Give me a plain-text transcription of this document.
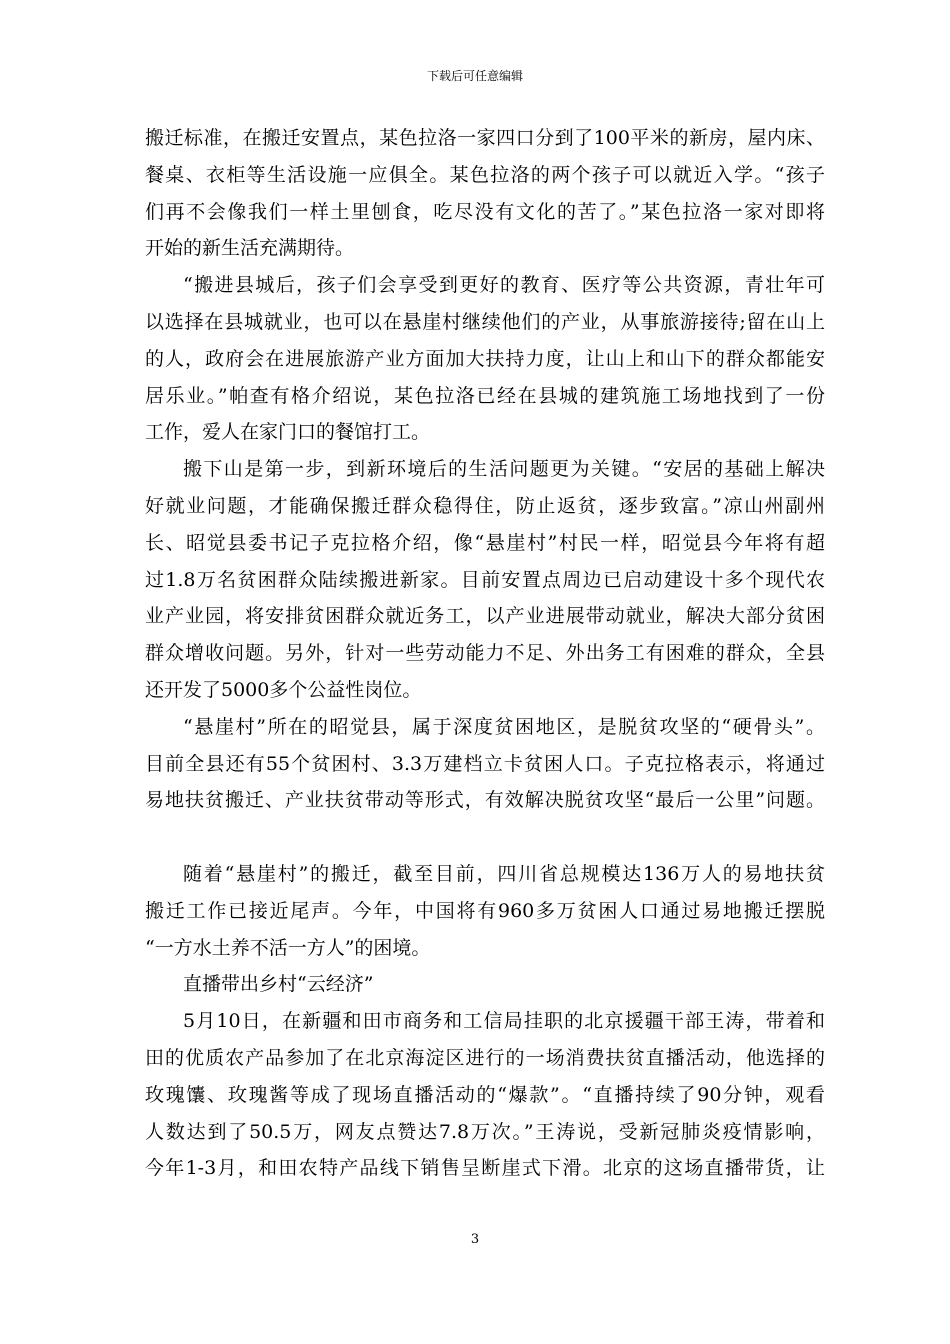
下载后可任意编辑
搬迁标准，在搬迁安置点，某色拉洛一家四口分到了100平米的新房，屋内床、
餐桌、衣柜等生活设施一应俱全。某色拉洛的两个孩子可以就近入学。“孩子
们再不会像我们一样土里刨食，吃尽没有文化的苦了。”某色拉洛一家对即将
开始的新生活充满期待。
“搬进县城后，孩子们会享受到更好的教育、医疗等公共资源，青壮年可
以选择在县城就业，也可以在悬崖村继续他们的产业，从事旅游接待;留在山上
的人，政府会在进展旅游产业方面加大扶持力度，让山上和山下的群众都能安
居乐业。”帕查有格介绍说，某色拉洛已经在县城的建筑施工场地找到了一份
工作，爱人在家门口的餐馆打工。
搬下山是第一步，到新环境后的生活问题更为关键。“安居的基础上解决
好就业问题，才能确保搬迁群众稳得住，防止返贫，逐步致富。”凉山州副州
长、昭觉县委书记子克拉格介绍，像“悬崖村”村民一样，昭觉县今年将有超
过1.8万名贫困群众陆续搬进新家。目前安置点周边已启动建设十多个现代农
业产业园，将安排贫困群众就近务工，以产业进展带动就业，解决大部分贫困
群众增收问题。另外，针对一些劳动能力不足、外出务工有困难的群众，全县
还开发了5000多个公益性岗位。
“悬崖村”所在的昭觉县，属于深度贫困地区，是脱贫攻坚的“硬骨头”。
目前全县还有55个贫困村、3.3万建档立卡贫困人口。子克拉格表示，将通过
易地扶贫搬迁、产业扶贫带动等形式，有效解决脱贫攻坚“最后一公里”问题。
随着“悬崖村”的搬迁，截至目前，四川省总规模达136万人的易地扶贫
搬迁工作已接近尾声。今年，中国将有960多万贫困人口通过易地搬迁摆脱
“一方水土养不活一方人”的困境。
直播带出乡村“云经济”
5月10日，在新疆和田市商务和工信局挂职的北京援疆干部王涛，带着和
田的优质农产品参加了在北京海淀区进行的一场消费扶贫直播活动，他选择的
玫瑰馕、玫瑰酱等成了现场直播活动的“爆款”。“直播持续了90分钟，观看
人数达到了50.5万，网友点赞达7.8万次。”王涛说，受新冠肺炎疫情影响，
今年1-3月，和田农特产品线下销售呈断崖式下滑。北京的这场直播带货，让
3
